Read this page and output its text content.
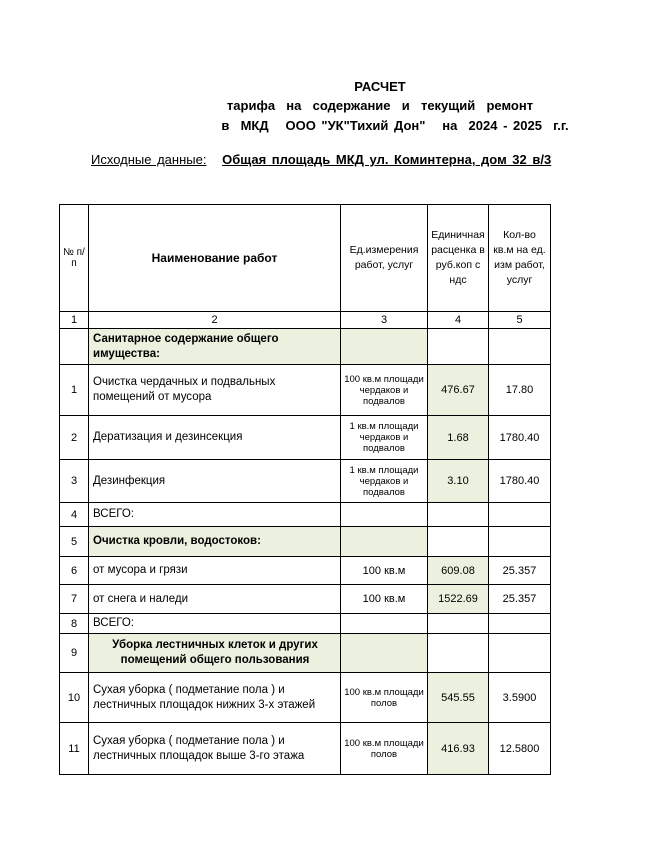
РАСЧЕТ
тарифа  на  содержание  и  текущий  ремонт
в  МКД   ООО "УК"Тихий Дон"   на  2024 - 2025  г.г.
Исходные данные: Общая площадь МКД ул. Коминтерна, дом 32 в/3
№ п/п	Наименование работ	Ед.измерения работ, услуг	Единичная расценка в руб.коп с ндс	Кол-во кв.м на ед. изм работ, услуг
1	2	3	4	5
	Санитарное содержание общего имущества:			
1	Очистка чердачных и подвальных помещений от мусора	100 кв.м площади чердаков и подвалов	476.67	17.80
2	Дератизация и дезинсекция	1 кв.м площади чердаков и подвалов	1.68	1780.40
3	Дезинфекция	1 кв.м площади чердаков и подвалов	3.10	1780.40
4	ВСЕГО:			
5	Очистка кровли, водостоков:			
6	от мусора и грязи	100 кв.м	609.08	25.357
7	от снега и наледи	100 кв.м	1522.69	25.357
8	ВСЕГО:			
9	Уборка лестничных клеток и других помещений общего пользования			
10	Сухая уборка ( подметание пола ) и лестничных площадок нижних 3-х этажей	100 кв.м площади полов	545.55	3.5900
11	Сухая уборка ( подметание пола ) и лестничных площадок выше 3-го этажа	100 кв.м площади полов	416.93	12.5800
